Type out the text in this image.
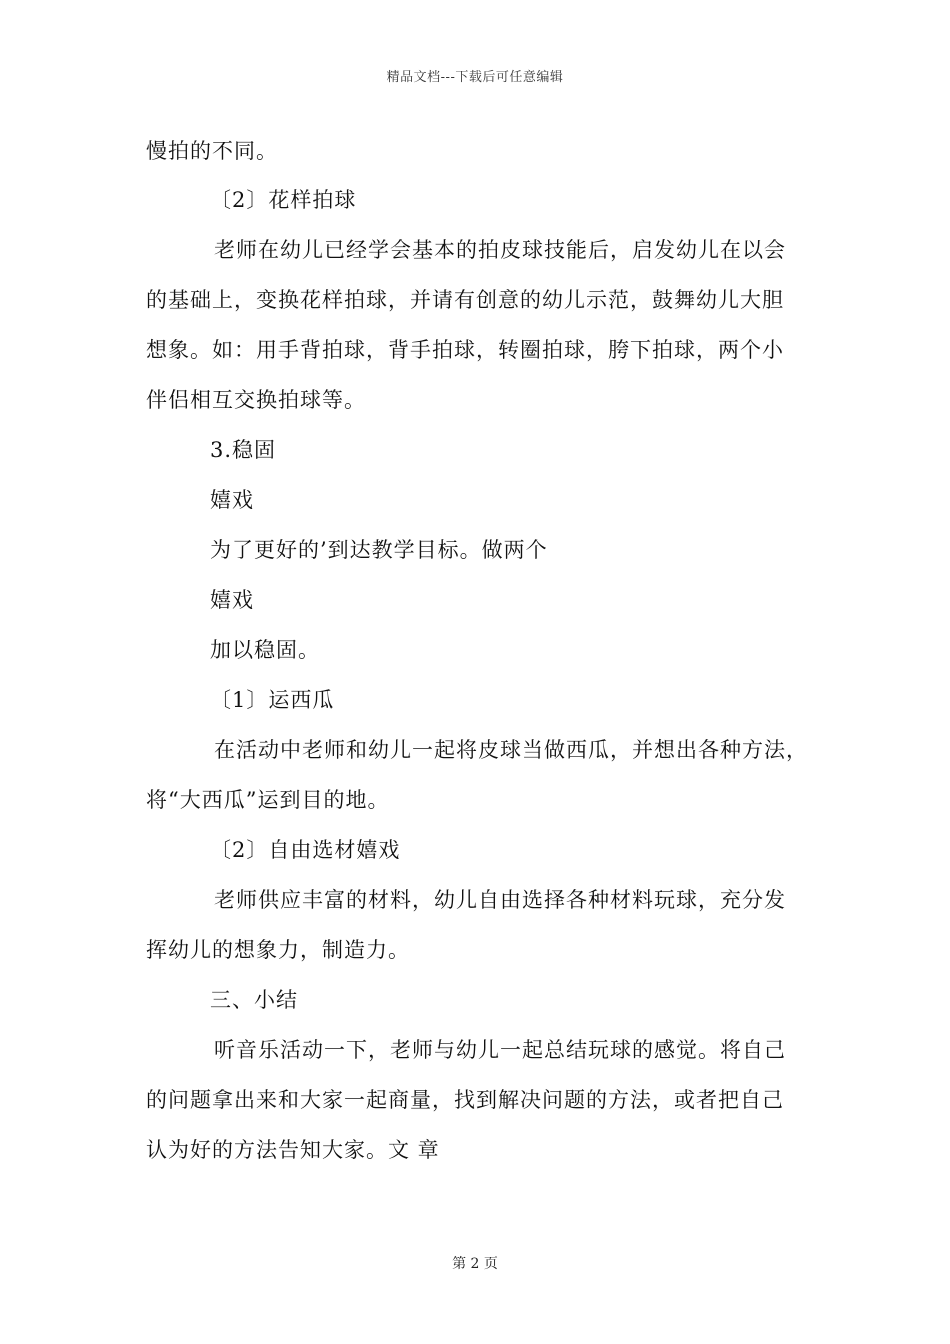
精品文档---下载后可任意编辑
慢拍的不同。
〔2〕花样拍球
老师在幼儿已经学会基本的拍皮球技能后，启发幼儿在以会
的基础上，变换花样拍球，并请有创意的幼儿示范，鼓舞幼儿大胆
想象。如：用手背拍球，背手拍球，转圈拍球，胯下拍球，两个小
伴侣相互交换拍球等。
3.稳固
嬉戏
为了更好的’到达教学目标。做两个
嬉戏
加以稳固。
〔1〕运西瓜
在活动中老师和幼儿一起将皮球当做西瓜，并想出各种方法，
将“大西瓜”运到目的地。
〔2〕自由选材嬉戏
老师供应丰富的材料，幼儿自由选择各种材料玩球，充分发
挥幼儿的想象力，制造力。
三、小结
听音乐活动一下，老师与幼儿一起总结玩球的感觉。将自己
的问题拿出来和大家一起商量，找到解决问题的方法，或者把自己
认为好的方法告知大家。文 章
第 2 页
